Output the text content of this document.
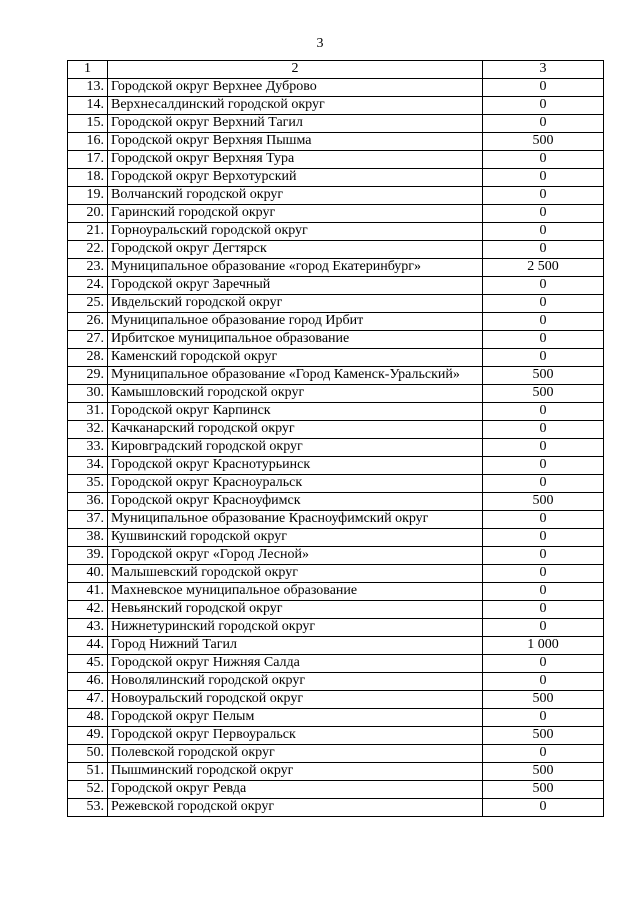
3
1	2	3
13.	Городской округ Верхнее Дуброво	0
14.	Верхнесалдинский городской округ	0
15.	Городской округ Верхний Тагил	0
16.	Городской округ Верхняя Пышма	500
17.	Городской округ Верхняя Тура	0
18.	Городской округ Верхотурский	0
19.	Волчанский городской округ	0
20.	Гаринский городской округ	0
21.	Горноуральский городской округ	0
22.	Городской округ Дегтярск	0
23.	Муниципальное образование «город Екатеринбург»	2 500
24.	Городской округ Заречный	0
25.	Ивдельский городской округ	0
26.	Муниципальное образование город Ирбит	0
27.	Ирбитское муниципальное образование	0
28.	Каменский городской округ	0
29.	Муниципальное образование «Город Каменск-Уральский»	500
30.	Камышловский городской округ	500
31.	Городской округ Карпинск	0
32.	Качканарский городской округ	0
33.	Кировградский городской округ	0
34.	Городской округ Краснотурьинск	0
35.	Городской округ Красноуральск	0
36.	Городской округ Красноуфимск	500
37.	Муниципальное образование Красноуфимский округ	0
38.	Кушвинский городской округ	0
39.	Городской округ «Город Лесной»	0
40.	Малышевский городской округ	0
41.	Махневское муниципальное образование	0
42.	Невьянский городской округ	0
43.	Нижнетуринский городской округ	0
44.	Город Нижний Тагил	1 000
45.	Городской округ Нижняя Салда	0
46.	Новолялинский городской округ	0
47.	Новоуральский городской округ	500
48.	Городской округ Пелым	0
49.	Городской округ Первоуральск	500
50.	Полевской городской округ	0
51.	Пышминский городской округ	500
52.	Городской округ Ревда	500
53.	Режевской городской округ	0
